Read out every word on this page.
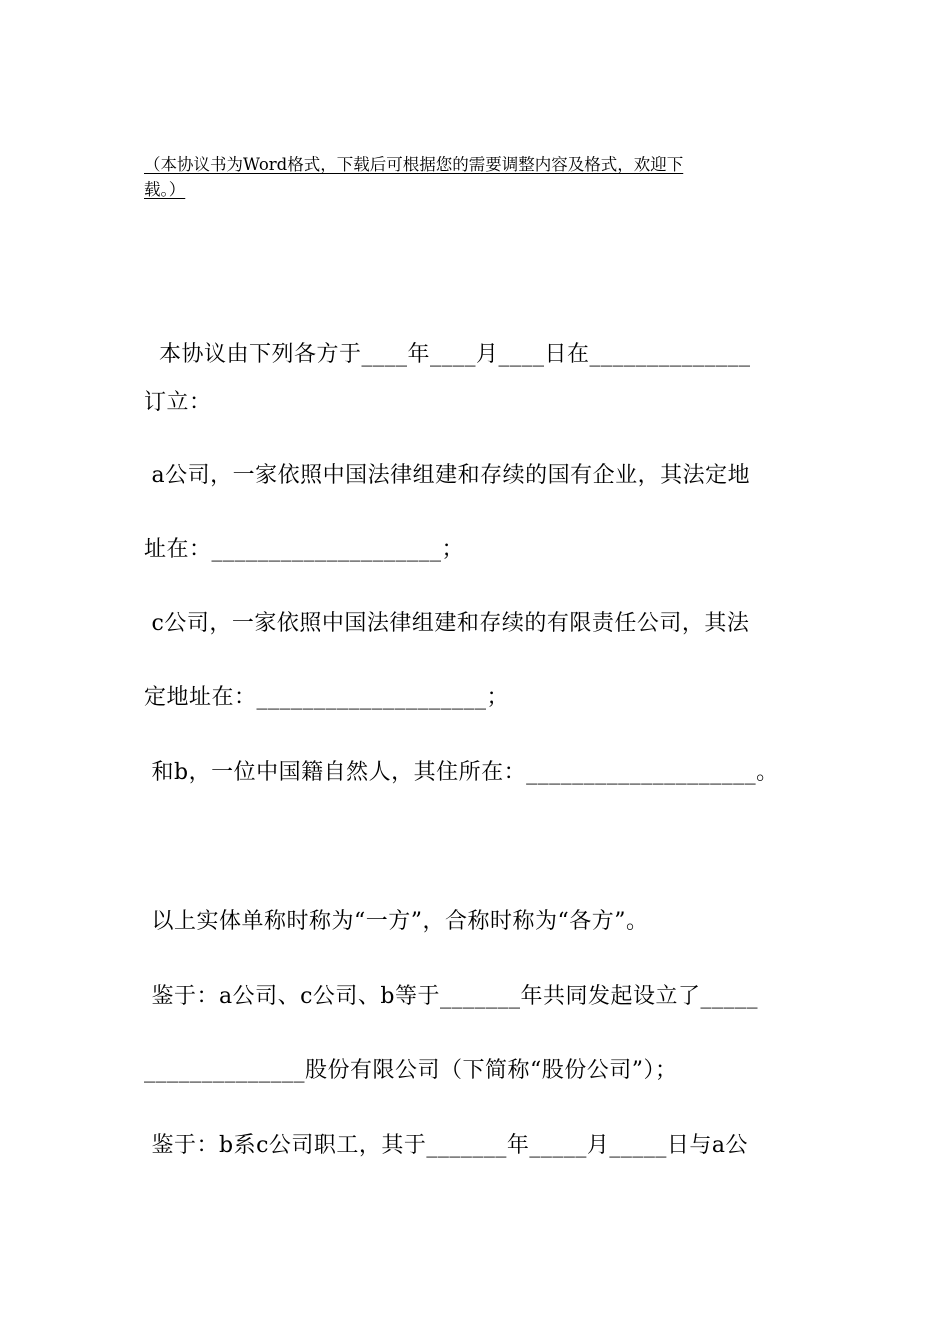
（本协议书为Word格式，下载后可根据您的需要调整内容及格式，欢迎下
载。）
本协议由下列各方于____年____月____日在______________
订立：
a公司，一家依照中国法律组建和存续的国有企业，其法定地
址在：____________________；
c公司，一家依照中国法律组建和存续的有限责任公司，其法
定地址在：____________________；
和b，一位中国籍自然人，其住所在：____________________。
以上实体单称时称为“一方”，合称时称为“各方”。
鉴于：a公司、c公司、b等于_______年共同发起设立了_____
______________股份有限公司（下简称“股份公司”）；
鉴于：b系c公司职工，其于_______年_____月_____日与a公
